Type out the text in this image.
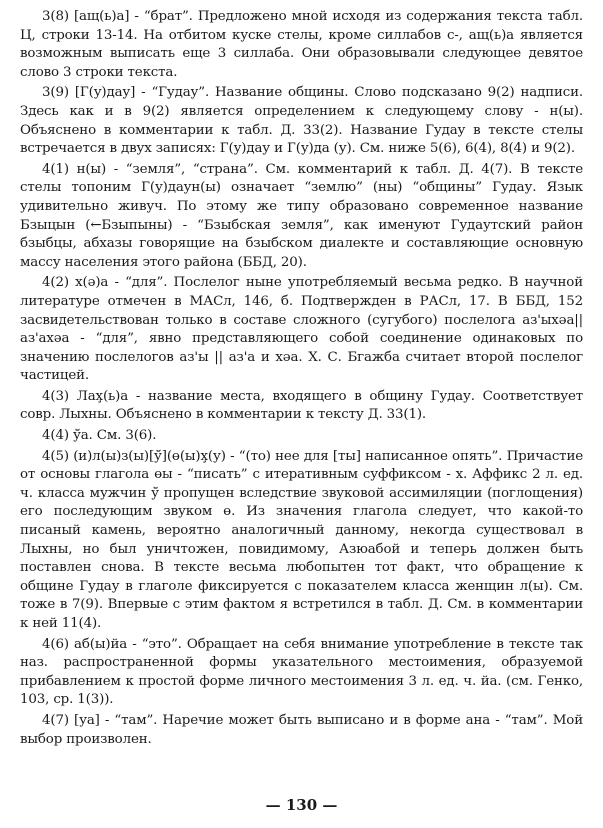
3(8) [ащ(ь)а] - “брат”. Предложено мной исходя из содержания текста табл. Ц, строки 13-14. На отбитом куске стелы, кроме силлабов с-, ащ(ь)а является возможным выписать еще 3 силлаба. Они образовывали следующее девятое слово 3 строки текста.

3(9) [Г(у)дау] - “Гудау”. Название общины. Слово подсказано 9(2) надписи. Здесь как и в 9(2) является определением к следующему слову - н(ы). Объяснено в комментарии к табл. Д. 33(2). Название Гудау в тексте стелы встречается в двух записях: Г(у)дау и Г(у)да (у). См. ниже 5(6), 6(4), 8(4) и 9(2).

4(1) н(ы) - “земля”, “страна”. См. комментарий к табл. Д. 4(7). В тексте стелы топоним Г(у)даун(ы) означает “землю” (ны) “общины” Гудау. Язык удивительно живуч. По этому же типу образовано современное название Бзыцын (←Бзыпыны) - “Бзыбская земля”, как именуют Гудаутский район бзыбцы, абхазы говорящие на бзыбском диалекте и составляющие основную массу населения этого района (ББД, 20).

4(2) х(ә)а - “для”. Послелог ныне употребляемый весьма редко. В научной литературе отмечен в МАСл, 146, б. Подтвержден в РАСл, 17. В ББД, 152 засвидетельствован только в составе сложного (сугубого) послелога аз'ыхәа||аз'ахәа - “для”, явно представляющего собой соединение одинаковых по значению послелогов аз'ы || аз'а и хәа. Х. С. Бгажба считает второй послелог частицей.

4(3) Лах̧(ь)а - название места, входящего в общину Гудау. Соответствует совр. Лыхны. Объяснено в комментарии к тексту Д. 33(1).

4(4) ў̆а. См. 3(6).

4(5) (и)л(ы)з(ы)[ў̆](ө(ы)х̧(у) - “(то) нее для [ты] написанное опять”. Причастие от основы глагола өы - “писать” с итеративным суффиксом - х. Аффикс 2 л. ед. ч. класса мужчин ў̆ пропущен вследствие звуковой ассимиляции (поглощения) его последующим звуком ө. Из значения глагола следует, что какой-то писаный камень, вероятно аналогичный данному, некогда существовал в Лыхны, но был уничтожен, повидимому, Азюабой и теперь должен быть поставлен снова. В тексте весьма любопытен тот факт, что обращение к общине Гудау в глаголе фиксируется с показателем класса женщин л(ы). См. тоже в 7(9). Впервые с этим фактом я встретился в табл. Д. См. в комментарии к нeй 11(4).

4(6) аб(ы)йа - “это”. Обращает на себя внимание употребление в тексте так наз. распространенной формы указательного местоимения, образуемой прибавлением к простой форме личного местоимения 3 л. ед. ч. йа. (см. Генко, 103, ср. 1(3)).

4(7) [уа] - “там”. Наречие может быть выписано и в форме ана - “там”. Мой выбор произволен.

— 130 —
